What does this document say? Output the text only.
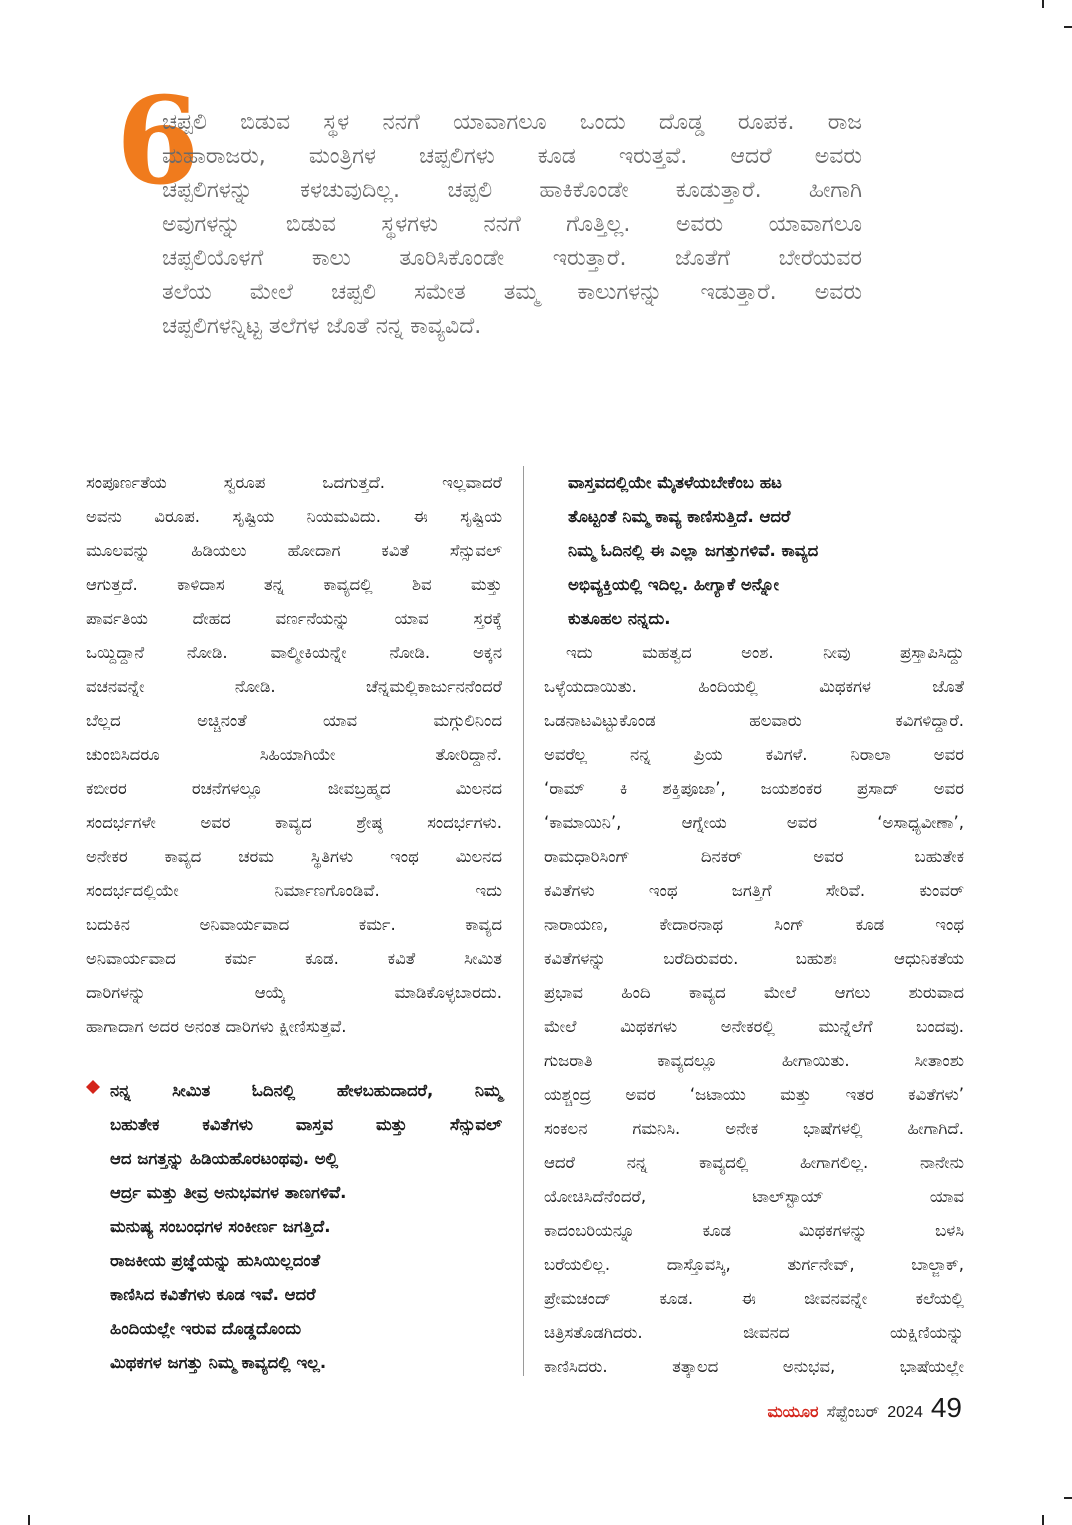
6
ಚಪ್ಪಲಿ ಬಿಡುವ ಸ್ಥಳ ನನಗೆ ಯಾವಾಗಲೂ ಒಂದು ದೊಡ್ಡ ರೂಪಕ. ರಾಜ
ಮಹಾರಾಜರು, ಮಂತ್ರಿಗಳ ಚಪ್ಪಲಿಗಳು ಕೂಡ ಇರುತ್ತವೆ. ಆದರೆ ಅವರು
ಚಪ್ಪಲಿಗಳನ್ನು ಕಳಚುವುದಿಲ್ಲ. ಚಪ್ಪಲಿ ಹಾಕಿಕೊಂಡೇ ಕೂಡುತ್ತಾರೆ. ಹೀಗಾಗಿ
ಅವುಗಳನ್ನು ಬಿಡುವ ಸ್ಥಳಗಳು ನನಗೆ ಗೊತ್ತಿಲ್ಲ. ಅವರು ಯಾವಾಗಲೂ
ಚಪ್ಪಲಿಯೊಳಗೆ ಕಾಲು ತೂರಿಸಿಕೊಂಡೇ ಇರುತ್ತಾರೆ. ಜೊತೆಗೆ ಬೇರೆಯವರ
ತಲೆಯ ಮೇಲೆ ಚಪ್ಪಲಿ ಸಮೇತ ತಮ್ಮ ಕಾಲುಗಳನ್ನು ಇಡುತ್ತಾರೆ. ಅವರು
ಚಪ್ಪಲಿಗಳನ್ನಿಟ್ಟ ತಲೆಗಳ ಜೊತೆ ನನ್ನ ಕಾವ್ಯವಿದೆ.
ಸಂಪೂರ್ಣತೆಯ ಸ್ವರೂಪ ಒದಗುತ್ತದೆ. ಇಲ್ಲವಾದರೆ
ಅವನು ವಿರೂಪ. ಸೃಷ್ಟಿಯ ನಿಯಮವಿದು. ಈ ಸೃಷ್ಟಿಯ
ಮೂಲವನ್ನು ಹಿಡಿಯಲು ಹೋದಾಗ ಕವಿತೆ ಸೆನ್ಸುವಲ್
ಆಗುತ್ತದೆ. ಕಾಳಿದಾಸ ತನ್ನ ಕಾವ್ಯದಲ್ಲಿ ಶಿವ ಮತ್ತು
ಪಾರ್ವತಿಯ ದೇಹದ ವರ್ಣನೆಯನ್ನು ಯಾವ ಸ್ತರಕ್ಕೆ
ಒಯ್ದಿದ್ದಾನೆ ನೋಡಿ. ವಾಲ್ಮೀಕಿಯನ್ನೇ ನೋಡಿ. ಅಕ್ಕನ
ವಚನವನ್ನೇ ನೋಡಿ. ಚೆನ್ನಮಲ್ಲಿಕಾರ್ಜುನನೆಂದರೆ
ಬೆಲ್ಲದ ಅಚ್ಚಿನಂತೆ ಯಾವ ಮಗ್ಗುಲಿನಿಂದ
ಚುಂಬಿಸಿದರೂ ಸಿಹಿಯಾಗಿಯೇ ತೋರಿದ್ದಾನೆ.
ಕಬೀರರ ರಚನೆಗಳಲ್ಲೂ ಜೀವಬ್ರಹ್ಮದ ಮಿಲನದ
ಸಂದರ್ಭಗಳೇ ಅವರ ಕಾವ್ಯದ ಶ್ರೇಷ್ಠ ಸಂದರ್ಭಗಳು.
ಅನೇಕರ ಕಾವ್ಯದ ಚರಮ ಸ್ಥಿತಿಗಳು ಇಂಥ ಮಿಲನದ
ಸಂದರ್ಭದಲ್ಲಿಯೇ ನಿರ್ಮಾಣಗೊಂಡಿವೆ. ಇದು
ಬದುಕಿನ ಅನಿವಾರ್ಯವಾದ ಕರ್ಮ. ಕಾವ್ಯದ
ಅನಿವಾರ್ಯವಾದ ಕರ್ಮ ಕೂಡ. ಕವಿತೆ ಸೀಮಿತ
ದಾರಿಗಳನ್ನು ಆಯ್ಕೆ ಮಾಡಿಕೊಳ್ಳಬಾರದು.
ಹಾಗಾದಾಗ ಅದರ ಅನಂತ ದಾರಿಗಳು ಕ್ಷೀಣಿಸುತ್ತವೆ.
ನನ್ನ ಸೀಮಿತ ಓದಿನಲ್ಲಿ ಹೇಳಬಹುದಾದರೆ, ನಿಮ್ಮ
ಬಹುತೇಕ ಕವಿತೆಗಳು ವಾಸ್ತವ ಮತ್ತು ಸೆನ್ಸುವಲ್
ಆದ ಜಗತ್ತನ್ನು ಹಿಡಿಯಹೊರಟಂಥವು. ಅಲ್ಲಿ
ಆರ್ದ್ರ ಮತ್ತು ತೀವ್ರ ಅನುಭವಗಳ ತಾಣಗಳಿವೆ.
ಮನುಷ್ಯ ಸಂಬಂಧಗಳ ಸಂಕೀರ್ಣ ಜಗತ್ತಿದೆ.
ರಾಜಕೀಯ ಪ್ರಜ್ಞೆಯನ್ನು ಹುಸಿಯಿಲ್ಲದಂತೆ
ಕಾಣಿಸಿದ ಕವಿತೆಗಳು ಕೂಡ ಇವೆ. ಆದರೆ
ಹಿಂದಿಯಲ್ಲೇ ಇರುವ ದೊಡ್ಡದೊಂದು
ಮಿಥಕಗಳ ಜಗತ್ತು ನಿಮ್ಮ ಕಾವ್ಯದಲ್ಲಿ ಇಲ್ಲ.
ವಾಸ್ತವದಲ್ಲಿಯೇ ಮೈತಳೆಯಬೇಕೆಂಬ ಹಟ
ತೊಟ್ಟಂತೆ ನಿಮ್ಮ ಕಾವ್ಯ ಕಾಣಿಸುತ್ತಿದೆ. ಆದರೆ
ನಿಮ್ಮ ಓದಿನಲ್ಲಿ ಈ ಎಲ್ಲಾ ಜಗತ್ತುಗಳಿವೆ. ಕಾವ್ಯದ
ಅಭಿವ್ಯಕ್ತಿಯಲ್ಲಿ ಇದಿಲ್ಲ. ಹೀಗ್ಯಾಕೆ ಅನ್ನೋ
ಕುತೂಹಲ ನನ್ನದು.
ಇದು ಮಹತ್ವದ ಅಂಶ. ನೀವು ಪ್ರಸ್ತಾಪಿಸಿದ್ದು
ಒಳ್ಳೆಯದಾಯಿತು. ಹಿಂದಿಯಲ್ಲಿ ಮಿಥಕಗಳ ಜೊತೆ
ಒಡನಾಟವಿಟ್ಟುಕೊಂಡ ಹಲವಾರು ಕವಿಗಳಿದ್ದಾರೆ.
ಅವರೆಲ್ಲ ನನ್ನ ಪ್ರಿಯ ಕವಿಗಳೆ. ನಿರಾಲಾ ಅವರ
‘ರಾಮ್ ಕಿ ಶಕ್ತಿಪೂಜಾ’, ಜಯಶಂಕರ ಪ್ರಸಾದ್ ಅವರ
‘ಕಾಮಾಯಿನಿ’, ಆಗ್ನೇಯ ಅವರ ‘ಅಸಾಧ್ಯವೀಣಾ’,
ರಾಮಧಾರಿಸಿಂಗ್ ದಿನಕರ್ ಅವರ ಬಹುತೇಕ
ಕವಿತೆಗಳು ಇಂಥ ಜಗತ್ತಿಗೆ ಸೇರಿವೆ. ಕುಂವರ್
ನಾರಾಯಣ, ಕೇದಾರನಾಥ ಸಿಂಗ್ ಕೂಡ ಇಂಥ
ಕವಿತೆಗಳನ್ನು ಬರೆದಿರುವರು. ಬಹುಶಃ ಆಧುನಿಕತೆಯ
ಪ್ರಭಾವ ಹಿಂದಿ ಕಾವ್ಯದ ಮೇಲೆ ಆಗಲು ಶುರುವಾದ
ಮೇಲೆ ಮಿಥಕಗಳು ಅನೇಕರಲ್ಲಿ ಮುನ್ನೆಲೆಗೆ ಬಂದವು.
ಗುಜರಾತಿ ಕಾವ್ಯದಲ್ಲೂ ಹೀಗಾಯಿತು. ಸೀತಾಂಶು
ಯಶ್ಚಂದ್ರ ಅವರ ‘ಜಟಾಯು ಮತ್ತು ಇತರ ಕವಿತೆಗಳು’
ಸಂಕಲನ ಗಮನಿಸಿ. ಅನೇಕ ಭಾಷೆಗಳಲ್ಲಿ ಹೀಗಾಗಿದೆ.
ಆದರೆ ನನ್ನ ಕಾವ್ಯದಲ್ಲಿ ಹೀಗಾಗಲಿಲ್ಲ. ನಾನೇನು
ಯೋಚಿಸಿದೆನೆಂದರೆ, ಟಾಲ್‌ಸ್ಟಾಯ್ ಯಾವ
ಕಾದಂಬರಿಯನ್ನೂ ಕೂಡ ಮಿಥಕಗಳನ್ನು ಬಳಸಿ
ಬರೆಯಲಿಲ್ಲ. ದಾಸ್ತೊವಸ್ಕಿ, ತುರ್ಗನೇವ್, ಬಾಲ್ಜಾಕ್,
ಪ್ರೇಮಚಂದ್ ಕೂಡ. ಈ ಜೀವನವನ್ನೇ ಕಲೆಯಲ್ಲಿ
ಚಿತ್ರಿಸತೊಡಗಿದರು. ಜೀವನದ ಯಕ್ಷಿಣಿಯನ್ನು
ಕಾಣಿಸಿದರು. ತತ್ಕಾಲದ ಅನುಭವ, ಭಾಷೆಯಲ್ಲೇ
ಮಯೂರ ಸೆಪ್ಟೆಂಬರ್ 2024 49
